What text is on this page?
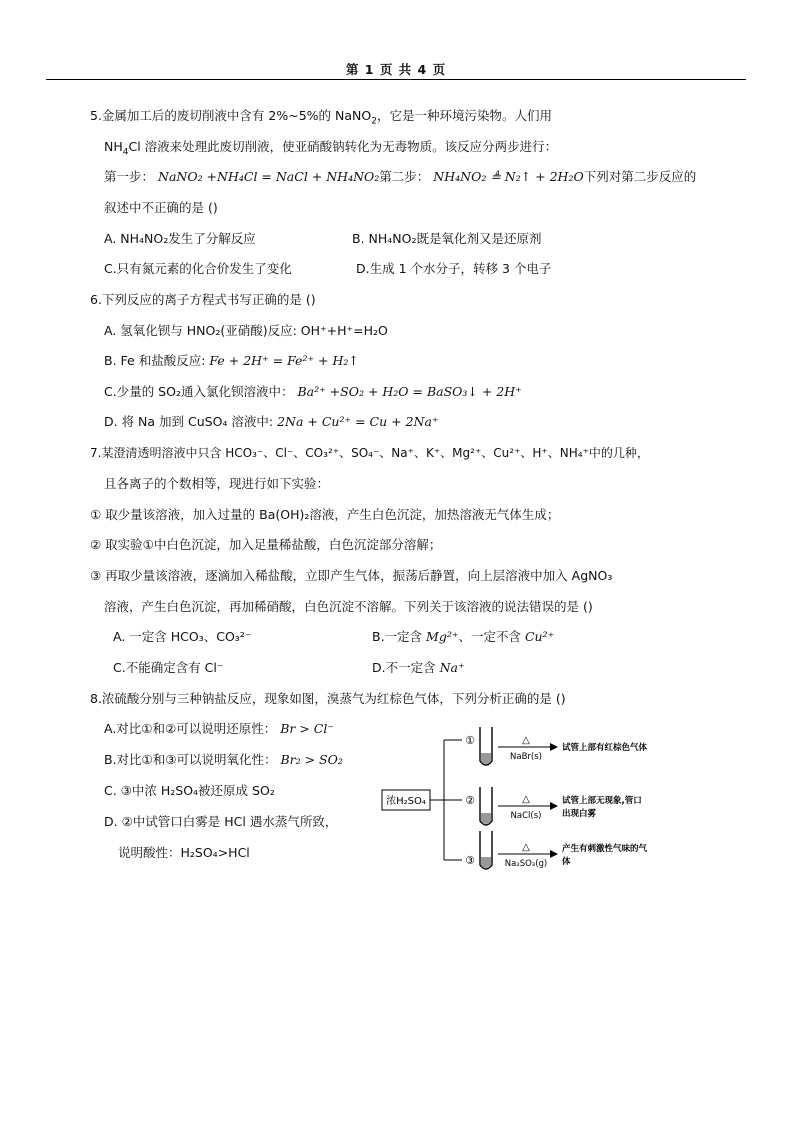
第 1 页 共 4 页
5.金属加工后的废切削液中含有 2%~5%的 NaNO$_2$，它是一种环境污染物。人们用
$NH_4Cl$ 溶液来处理此废切削液，使亚硝酸钠转化为无毒物质。该反应分两步进行：
第一步： NaNO₂ +NH₄Cl = NaCl + NH₄NO₂第二步： NH₄NO₂ ≜ N₂↑ + 2H₂O下列对第二步反应的
叙述中不正确的是 ()
A. NH₄NO₂发生了分解反应	B. NH₄NO₂既是氧化剂又是还原剂
C.只有氮元素的化合价发生了变化	D.生成 1 个水分子，转移 3 个电子
6.下列反应的离子方程式书写正确的是 ()
A. 氢氧化钡与 HNO₂(亚硝酸)反应: OH⁺+H⁺=H₂O
B. Fe 和盐酸反应: Fe + 2H⁺ = Fe²⁺ + H₂↑
C.少量的 SO₂通入氯化钡溶液中： Ba²⁺ +SO₂ + H₂O = BaSO₃↓ + 2H⁺
D. 将 Na 加到 CuSO₄ 溶液中: 2Na + Cu²⁺ = Cu + 2Na⁺
7.某澄清透明溶液中只含 HCO₃⁻、Cl⁻、CO₃²⁺、SO₄⁻、Na⁺、K⁺、Mg²⁺、Cu²⁺、H⁺、NH₄⁺中的几种，
且各离子的个数相等，现进行如下实验：
① 取少量该溶液，加入过量的 Ba(OH)₂溶液，产生白色沉淀，加热溶液无气体生成；
② 取实验①中白色沉淀，加入足量稀盐酸，白色沉淀部分溶解；
③ 再取少量该溶液，逐滴加入稀盐酸，立即产生气体，振荡后静置，向上层溶液中加入 AgNO₃
溶液，产生白色沉淀，再加稀硝酸，白色沉淀不溶解。下列关于该溶液的说法错误的是 ()
A. 一定含 HCO₃、CO₃²⁻	B.一定含 Mg²⁺、一定不含 Cu²⁺
C.不能确定含有 Cl⁻	D.不一定含 Na⁺
8.浓硫酸分别与三种钠盐反应，现象如图，溴蒸气为红棕色气体，下列分析正确的是 ()
A.对比①和②可以说明还原性： Br > Cl⁻
B.对比①和③可以说明氧化性： Br₂ > SO₂
C. ③中浓 H₂SO₄被还原成 SO₂
D. ②中试管口白雾是 HCl 遇水蒸气所致，
说明酸性：H₂SO₄>HCl
浓H₂SO₄
①
②
③
△
△
△
NaBr(s)
NaCl(s)
Na₂SO₃(g)
试管上部有红棕色气体
试管上部无现象,管口
出现白雾
产生有刺激性气味的气
体
